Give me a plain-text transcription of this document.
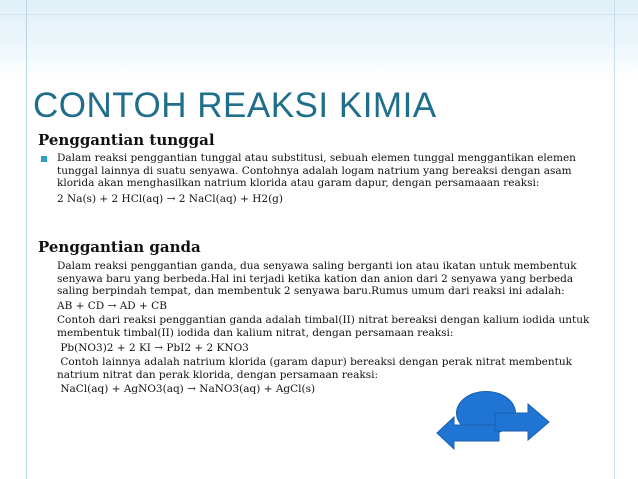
CONTOH REAKSI KIMIA
Penggantian tunggal

Dalam reaksi penggantian tunggal atau substitusi, sebuah elemen tunggal menggantikan elemen

tunggal lainnya di suatu senyawa. Contohnya adalah logam natrium yang bereaksi dengan asam

klorida akan menghasilkan natrium klorida atau garam dapur, dengan persamaaan reaksi:

2 Na(s) + 2 HCl(aq) → 2 NaCl(aq) + H2(g)

Penggantian ganda

Dalam reaksi penggantian ganda, dua senyawa saling berganti ion atau ikatan untuk membentuk

senyawa baru yang berbeda.Hal ini terjadi ketika kation dan anion dari 2 senyawa yang berbeda

saling berpindah tempat, dan membentuk 2 senyawa baru.Rumus umum dari reaksi ini adalah:

AB + CD → AD + CB

Contoh dari reaksi penggantian ganda adalah timbal(II) nitrat bereaksi dengan kalium iodida untuk

membentuk timbal(II) iodida dan kalium nitrat, dengan persamaan reaksi:

Pb(NO3)2 + 2 KI → PbI2 + 2 KNO3

Contoh lainnya adalah natrium klorida (garam dapur) bereaksi dengan perak nitrat membentuk

natrium nitrat dan perak klorida, dengan persamaan reaksi:

NaCl(aq) + AgNO3(aq) → NaNO3(aq) + AgCl(s)
